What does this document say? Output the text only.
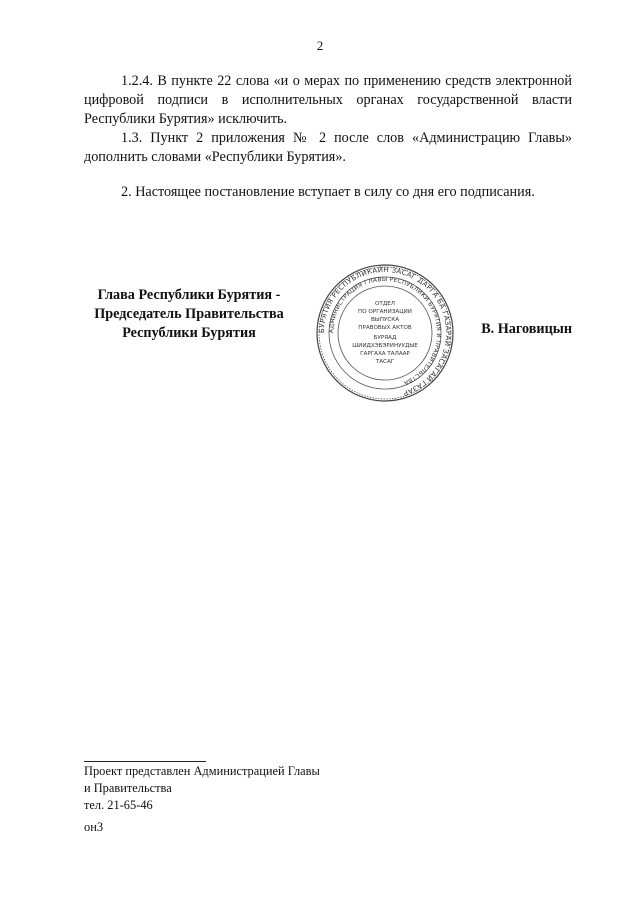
2

1.2.4. В пункте 22 слова «и о мерах по применению средств электронной цифровой подписи в исполнительных органах государственной власти Республики Бурятия» исключить.

1.3. Пункт 2 приложения № 2 после слов «Администрацию Главы» дополнить словами «Республики Бурятия».

2. Настоящее постановление вступает в силу со дня его подписания.

Глава Республики Бурятия -
Председатель Правительства
Республики Бурятия	БУРЯТИЯ РЕСПУБЛИКАЙН ЗАСАГ ДАРГА БА ГАЗАРАЙ ЗАСАГАЙ ГАЗАР
АДМИНИСТРАЦИЯ ГЛАВЫ РЕСПУБЛИКИ БУРЯТИЯ И ПРАВИТЕЛЬСТВА
ОТДЕЛ
ПО ОРГАНИЗАЦИИ
ВЫПУСКА
ПРАВОВЫХ АКТОВ
БУРЯАД
ШИИДХЭБЭРИНУУДЫЕ
ГАРГАХА ТАЛААР
ТАСАГ
В. Наговицын
Проект представлен Администрацией Главы
и Правительства
тел. 21-65-46
он3
